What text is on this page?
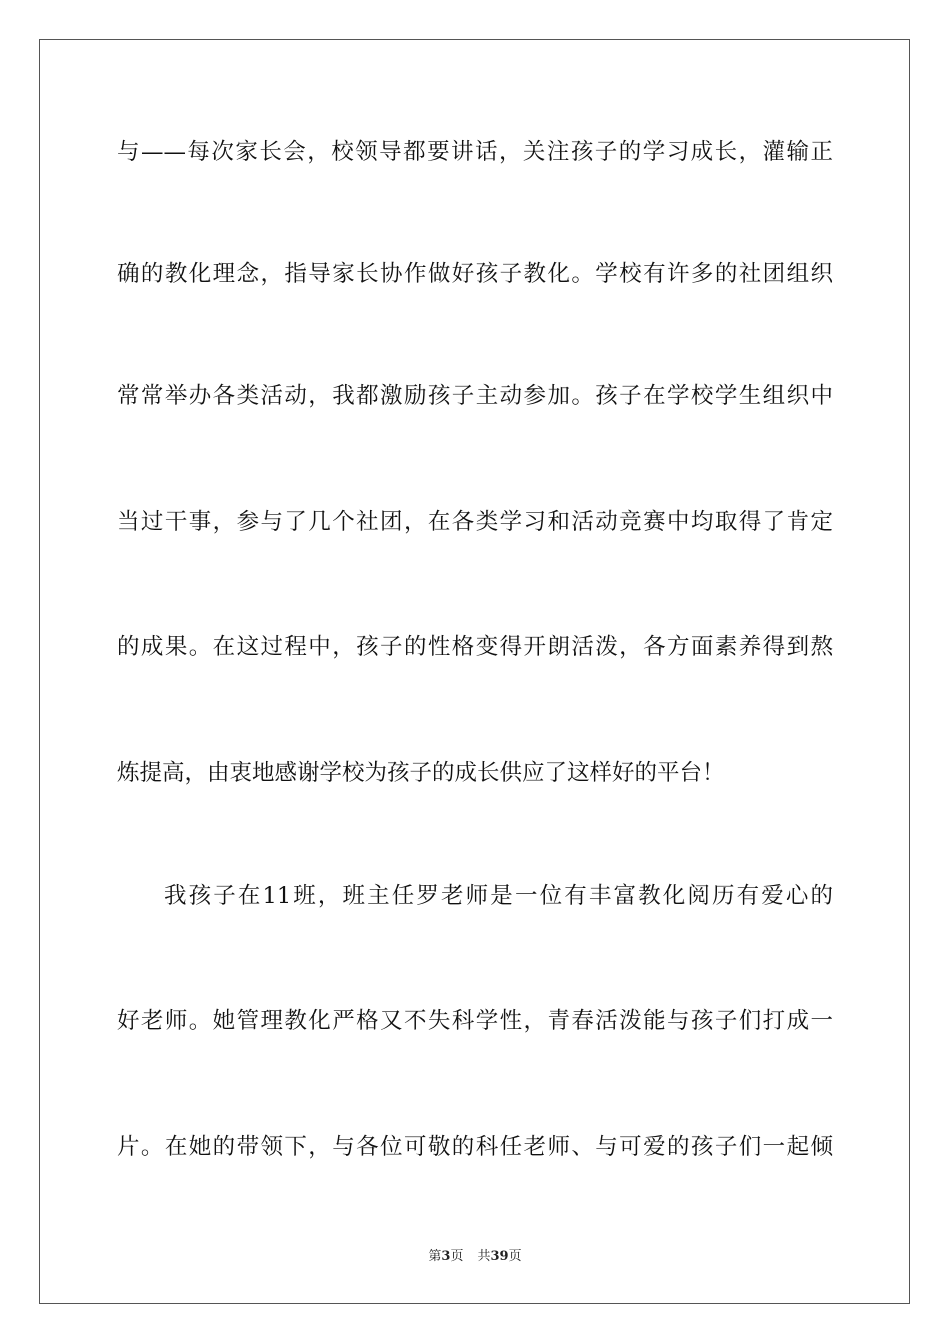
与——每次家长会，校领导都要讲话，关注孩子的学习成长，灌输正
确的教化理念，指导家长协作做好孩子教化。学校有许多的社团组织
常常举办各类活动，我都激励孩子主动参加。孩子在学校学生组织中
当过干事，参与了几个社团，在各类学习和活动竞赛中均取得了肯定
的成果。在这过程中，孩子的性格变得开朗活泼，各方面素养得到熬
炼提高，由衷地感谢学校为孩子的成长供应了这样好的平台！
我孩子在11班，班主任罗老师是一位有丰富教化阅历有爱心的
好老师。她管理教化严格又不失科学性，青春活泼能与孩子们打成一
片。在她的带领下，与各位可敬的科任老师、与可爱的孩子们一起倾
第3页 共39页
